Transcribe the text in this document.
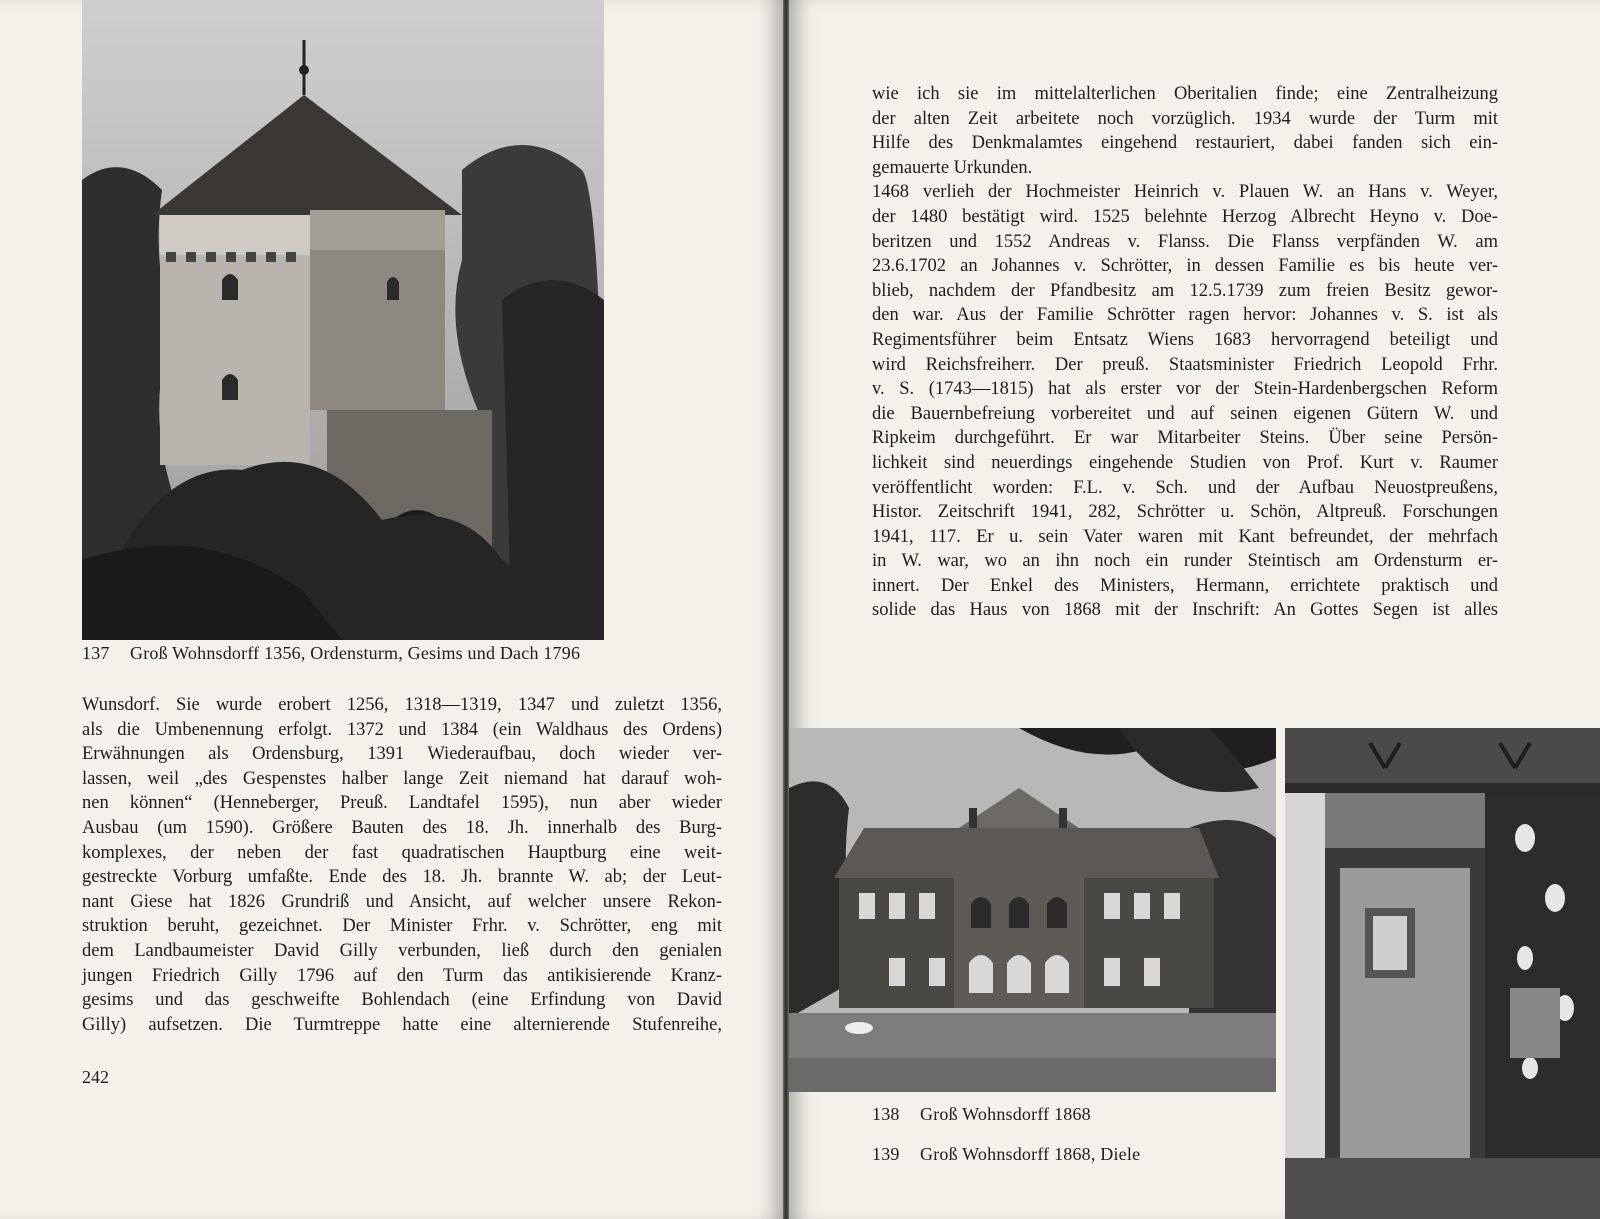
137 Groß Wohnsdorff 1356, Ordensturm, Gesims und Dach 1796
Wunsdorf. Sie wurde erobert 1256, 1318—1319, 1347 und zuletzt 1356,
als die Umbenennung erfolgt. 1372 und 1384 (ein Waldhaus des Ordens)
Erwähnungen als Ordensburg, 1391 Wiederaufbau, doch wieder ver-
lassen, weil „des Gespenstes halber lange Zeit niemand hat darauf woh-
nen können“ (Henneberger, Preuß. Landtafel 1595), nun aber wieder
Ausbau (um 1590). Größere Bauten des 18. Jh. innerhalb des Burg-
komplexes, der neben der fast quadratischen Hauptburg eine weit-
gestreckte Vorburg umfaßte. Ende des 18. Jh. brannte W. ab; der Leut-
nant Giese hat 1826 Grundriß und Ansicht, auf welcher unsere Rekon-
struktion beruht, gezeichnet. Der Minister Frhr. v. Schrötter, eng mit
dem Landbaumeister David Gilly verbunden, ließ durch den genialen
jungen Friedrich Gilly 1796 auf den Turm das antikisierende Kranz-
gesims und das geschweifte Bohlendach (eine Erfindung von David
Gilly) aufsetzen. Die Turmtreppe hatte eine alternierende Stufenreihe,
242
wie ich sie im mittelalterlichen Oberitalien finde; eine Zentralheizung
der alten Zeit arbeitete noch vorzüglich. 1934 wurde der Turm mit
Hilfe des Denkmalamtes eingehend restauriert, dabei fanden sich ein-
gemauerte Urkunden.
1468 verlieh der Hochmeister Heinrich v. Plauen W. an Hans v. Weyer,
der 1480 bestätigt wird. 1525 belehnte Herzog Albrecht Heyno v. Doe-
beritzen und 1552 Andreas v. Flanss. Die Flanss verpfänden W. am
23.6.1702 an Johannes v. Schrötter, in dessen Familie es bis heute ver-
blieb, nachdem der Pfandbesitz am 12.5.1739 zum freien Besitz gewor-
den war. Aus der Familie Schrötter ragen hervor: Johannes v. S. ist als
Regimentsführer beim Entsatz Wiens 1683 hervorragend beteiligt und
wird Reichsfreiherr. Der preuß. Staatsminister Friedrich Leopold Frhr.
v. S. (1743—1815) hat als erster vor der Stein-Hardenbergschen Reform
die Bauernbefreiung vorbereitet und auf seinen eigenen Gütern W. und
Ripkeim durchgeführt. Er war Mitarbeiter Steins. Über seine Persön-
lichkeit sind neuerdings eingehende Studien von Prof. Kurt v. Raumer
veröffentlicht worden: F.L. v. Sch. und der Aufbau Neuostpreußens,
Histor. Zeitschrift 1941, 282, Schrötter u. Schön, Altpreuß. Forschungen
1941, 117. Er u. sein Vater waren mit Kant befreundet, der mehrfach
in W. war, wo an ihn noch ein runder Steintisch am Ordensturm er-
innert. Der Enkel des Ministers, Hermann, errichtete praktisch und
solide das Haus von 1868 mit der Inschrift: An Gottes Segen ist alles
138 Groß Wohnsdorff 1868
139 Groß Wohnsdorff 1868, Diele
